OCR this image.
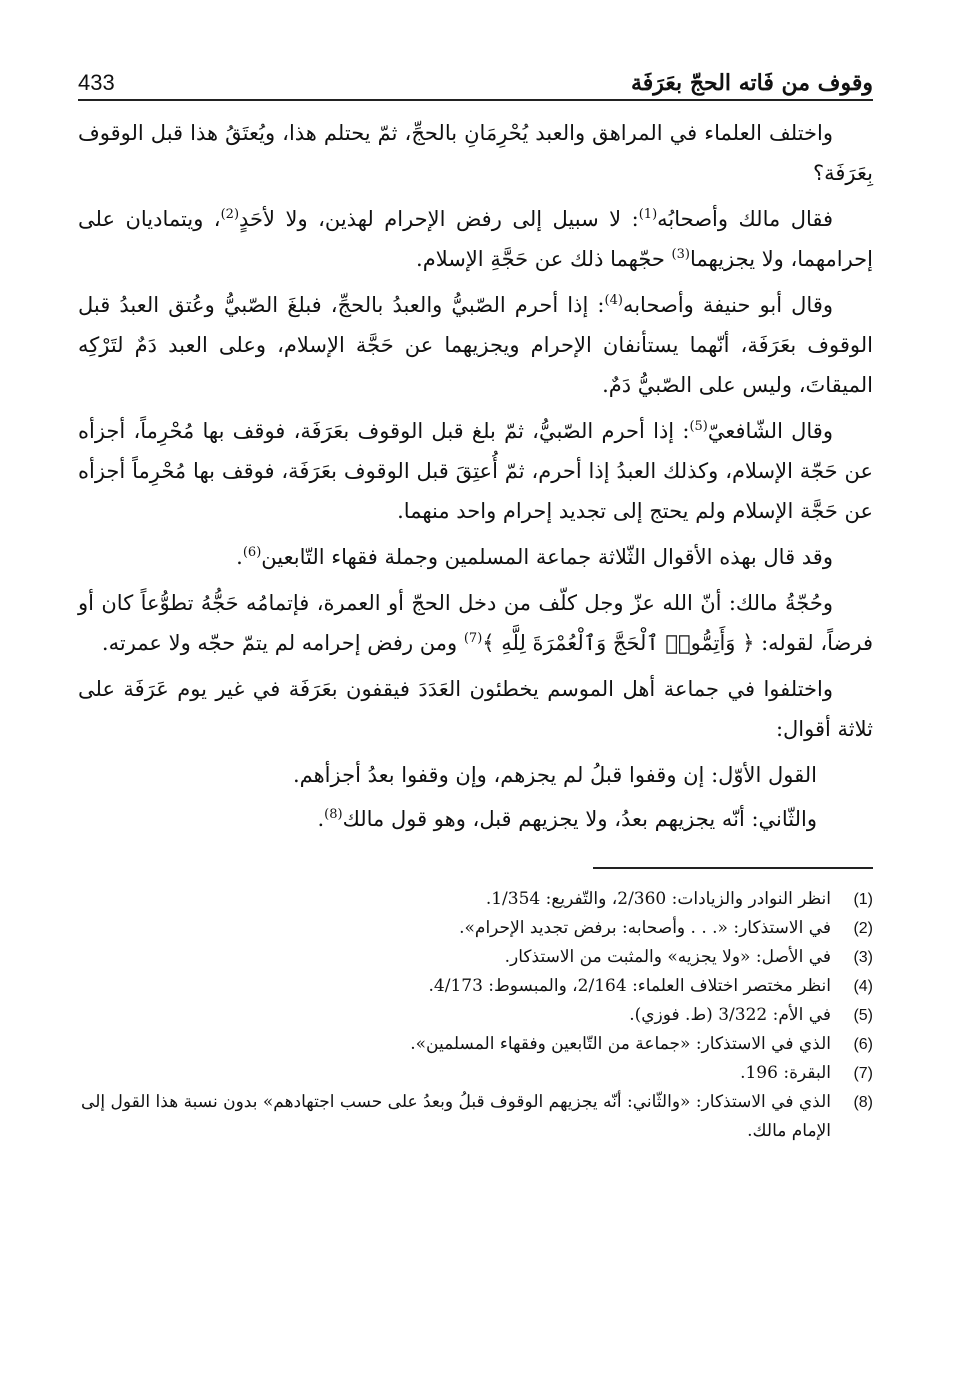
وقوف من فَاته الحجّ بعَرَفَة
433

واختلف العلماء في المراهق والعبد يُحْرِمَانِ بالحجِّ، ثمّ يحتلم هذا، ويُعتَقُ هذا قبل الوقوف بِعَرَفَة؟

فقال مالك وأصحابُه$^{(1)}$: لا سبيل إلى رفض الإحرام لهذين، ولا لأحَدٍ$^{(2)}$، ويتماديان على إحرامهما، ولا يجزيهما$^{(3)}$ حجّهما ذلك عن حَجَّةِ الإسلام.

وقال أبو حنيفة وأصحابه$^{(4)}$: إذا أحرم الصّبيُّ والعبدُ بالحجِّ، فبلغَ الصّبيُّ وعُتق العبدُ قبل الوقوف بعَرَفَة، أنّهما يستأنفان الإحرام ويجزيهما عن حَجَّة الإسلام، وعلى العبد دَمٌ لتَرْكِه الميقاتَ، وليس على الصّبيُّ دَمٌ.

وقال الشّافعيّ$^{(5)}$: إذا أحرم الصّبيُّ، ثمّ بلغ قبل الوقوف بعَرَفَة، فوقف بها مُحْرِماً، أجزأه عن حَجّة الإسلام، وكذلك العبدُ إذا أحرم، ثمّ أُعتِقَ قبل الوقوف بعَرَفَة، فوقف بها مُحْرِماً أجزأه عن حَجَّة الإسلام ولم يحتج إلى تجديد إحرام واحد منهما.

وقد قال بهذه الأقوال الثّلاثة جماعة المسلمين وجملة فقهاء التّابعين$^{(6)}$.

وحُجّةُ مالك: أنّ الله عزّ وجل كلّف من دخل الحجّ أو العمرة، فإتمامُه حَجُّهُ تطوُّعاً كان أو فرضاً، لقوله: ﴿ وَأَتِمُّوا۟ ٱلْحَجَّ وَٱلْعُمْرَةَ لِلَّهِ ﴾$^{(7)}$ ومن رفض إحرامه لم يتمّ حجّه ولا عمرته.

واختلفوا في جماعة أهل الموسم يخطئون العَدَدَ فيقفون بعَرَفَة في غير يوم عَرَفَة على ثلاثة أقوال:

القول الأوّل: إن وقفوا قبلُ لم يجزهم، وإن وقفوا بعدُ أجزأهم.

والثّاني: أنّه يجزيهم بعدُ، ولا يجزيهم قبل، وهو قول مالك$^{(8)}$.

(1)
انظر النوادر والزيادات: 2/360، والتّفريع: 1/354.
(2)
في الاستذكار: «. . . وأصحابه: برفض تجديد الإحرام».
(3)
في الأصل: «ولا يجزيه» والمثبت من الاستذكار.
(4)
انظر مختصر اختلاف العلماء: 2/164، والمبسوط: 4/173.
(5)
في الأم: 3/322 (ط. فوزي).
(6)
الذي في الاستذكار: «جماعة من التّابعين وفقهاء المسلمين».
(7)
البقرة: 196.
(8)
الذي في الاستذكار: «والثّاني: أنّه يجزيهم الوقوف قبلُ وبعدُ على حسب اجتهادهم» بدون نسبة هذا القول إلى الإمام مالك.
